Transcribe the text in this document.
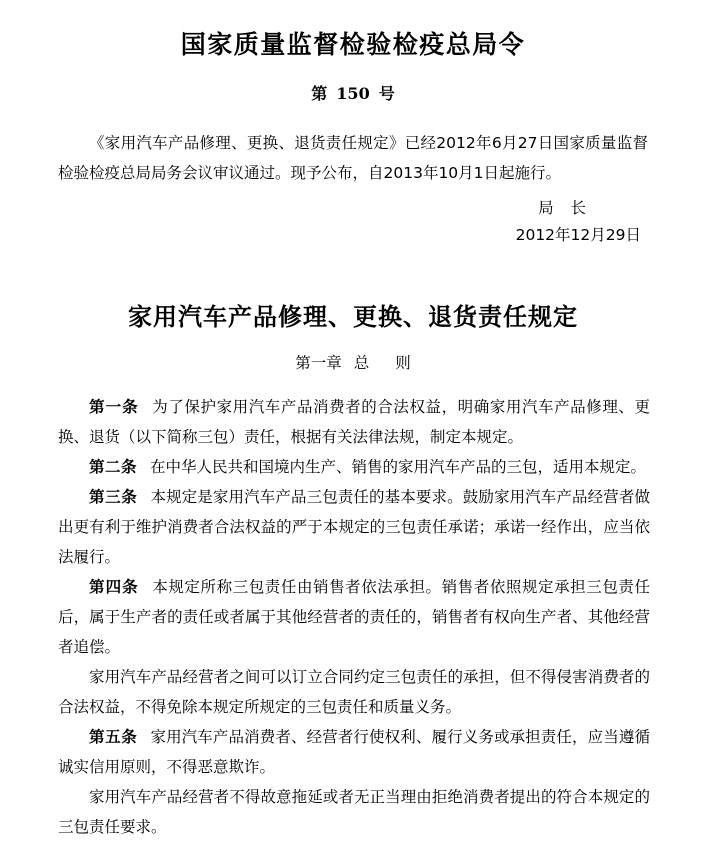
国家质量监督检验检疫总局令
第 150 号

《家用汽车产品修理、更换、退货责任规定》已经2012年6月27日国家质量监督检验检疫总局局务会议审议通过。现予公布，自2013年10月1日起施行。

局 长
2012年12月29日
家用汽车产品修理、更换、退货责任规定
第一章 总 则

第一条 为了保护家用汽车产品消费者的合法权益，明确家用汽车产品修理、更换、退货（以下简称三包）责任，根据有关法律法规，制定本规定。

第二条 在中华人民共和国境内生产、销售的家用汽车产品的三包，适用本规定。

第三条 本规定是家用汽车产品三包责任的基本要求。鼓励家用汽车产品经营者做出更有利于维护消费者合法权益的严于本规定的三包责任承诺；承诺一经作出，应当依法履行。

第四条 本规定所称三包责任由销售者依法承担。销售者依照规定承担三包责任后，属于生产者的责任或者属于其他经营者的责任的，销售者有权向生产者、其他经营者追偿。

家用汽车产品经营者之间可以订立合同约定三包责任的承担，但不得侵害消费者的合法权益，不得免除本规定所规定的三包责任和质量义务。

第五条 家用汽车产品消费者、经营者行使权利、履行义务或承担责任，应当遵循诚实信用原则，不得恶意欺诈。

家用汽车产品经营者不得故意拖延或者无正当理由拒绝消费者提出的符合本规定的三包责任要求。
